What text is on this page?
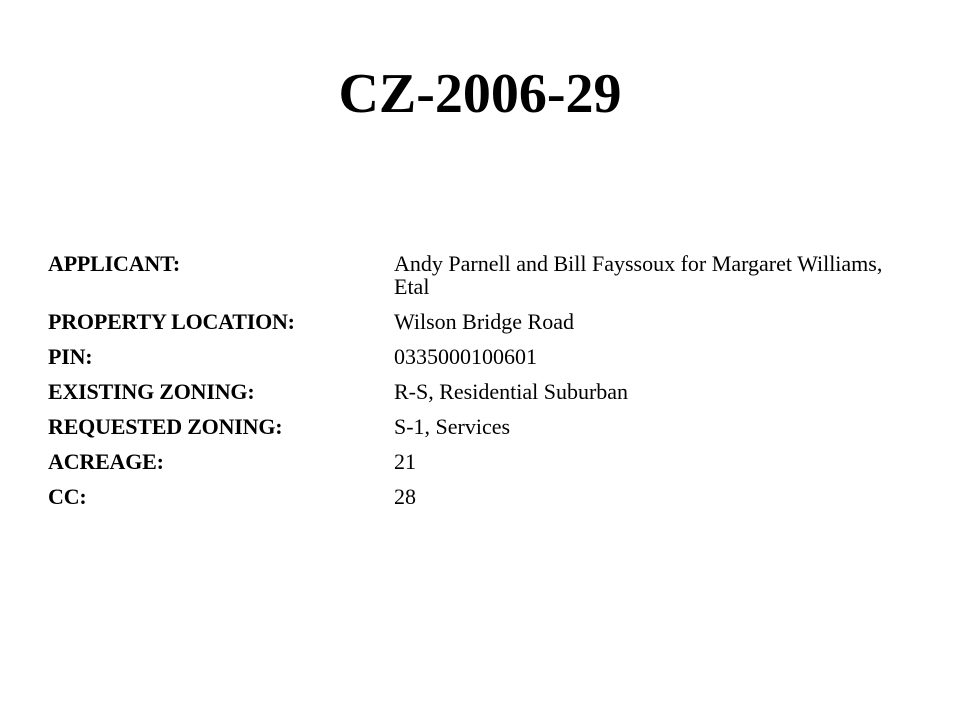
CZ-2006-29
APPLICANT:	Andy Parnell and Bill Fayssoux for Margaret Williams, Etal
PROPERTY LOCATION:	Wilson Bridge Road
PIN:	0335000100601
EXISTING ZONING:	R-S, Residential Suburban
REQUESTED ZONING:	S-1, Services
ACREAGE:	21
CC:	28
